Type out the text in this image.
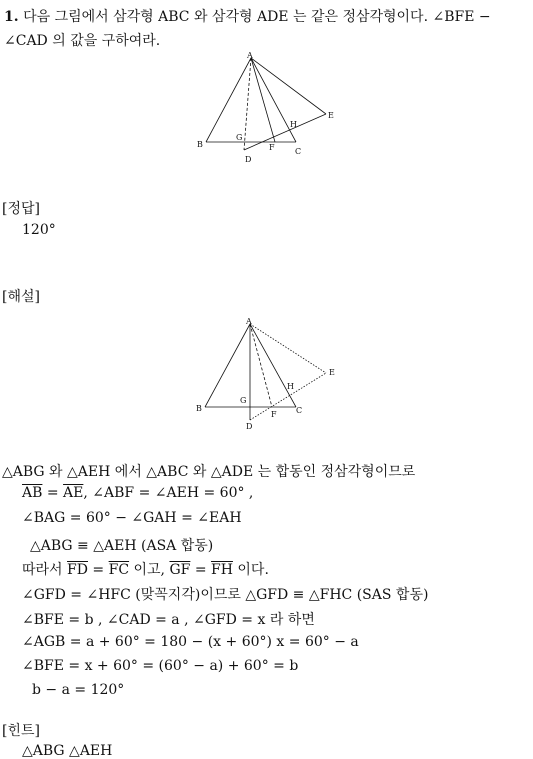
1. 다음 그림에서 삼각형 ABC 와 삼각형 ADE 는 같은 정삼각형이다. ∠BFE −
∠CAD 의 값을 구하여라.
A
B
C
D
E
F
G
H
[정답]
120°
[해설]
A
B	C
D
E
F
G
H
△ABG 와 △AEH 에서 △ABC 와 △ADE 는 합동인 정삼각형이므로
$\overline{AB} = \overline{AE}$, ∠ABF = ∠AEH = 60° ,
∠BAG = 60° − ∠GAH = ∠EAH
△ABG ≡ △AEH (ASA 합동)
따라서 $\overline{FD} = \overline{FC}$ 이고, $\overline{GF} = \overline{FH}$ 이다.
∠GFD = ∠HFC (맞꼭지각)이므로 △GFD ≡ △FHC (SAS 합동)
∠BFE = b , ∠CAD = a , ∠GFD = x 라 하면
∠AGB = a + 60° = 180 − (x + 60°) x = 60° − a
∠BFE = x + 60° = (60° − a) + 60° = b
b − a = 120°
[힌트]
△ABG △AEH
